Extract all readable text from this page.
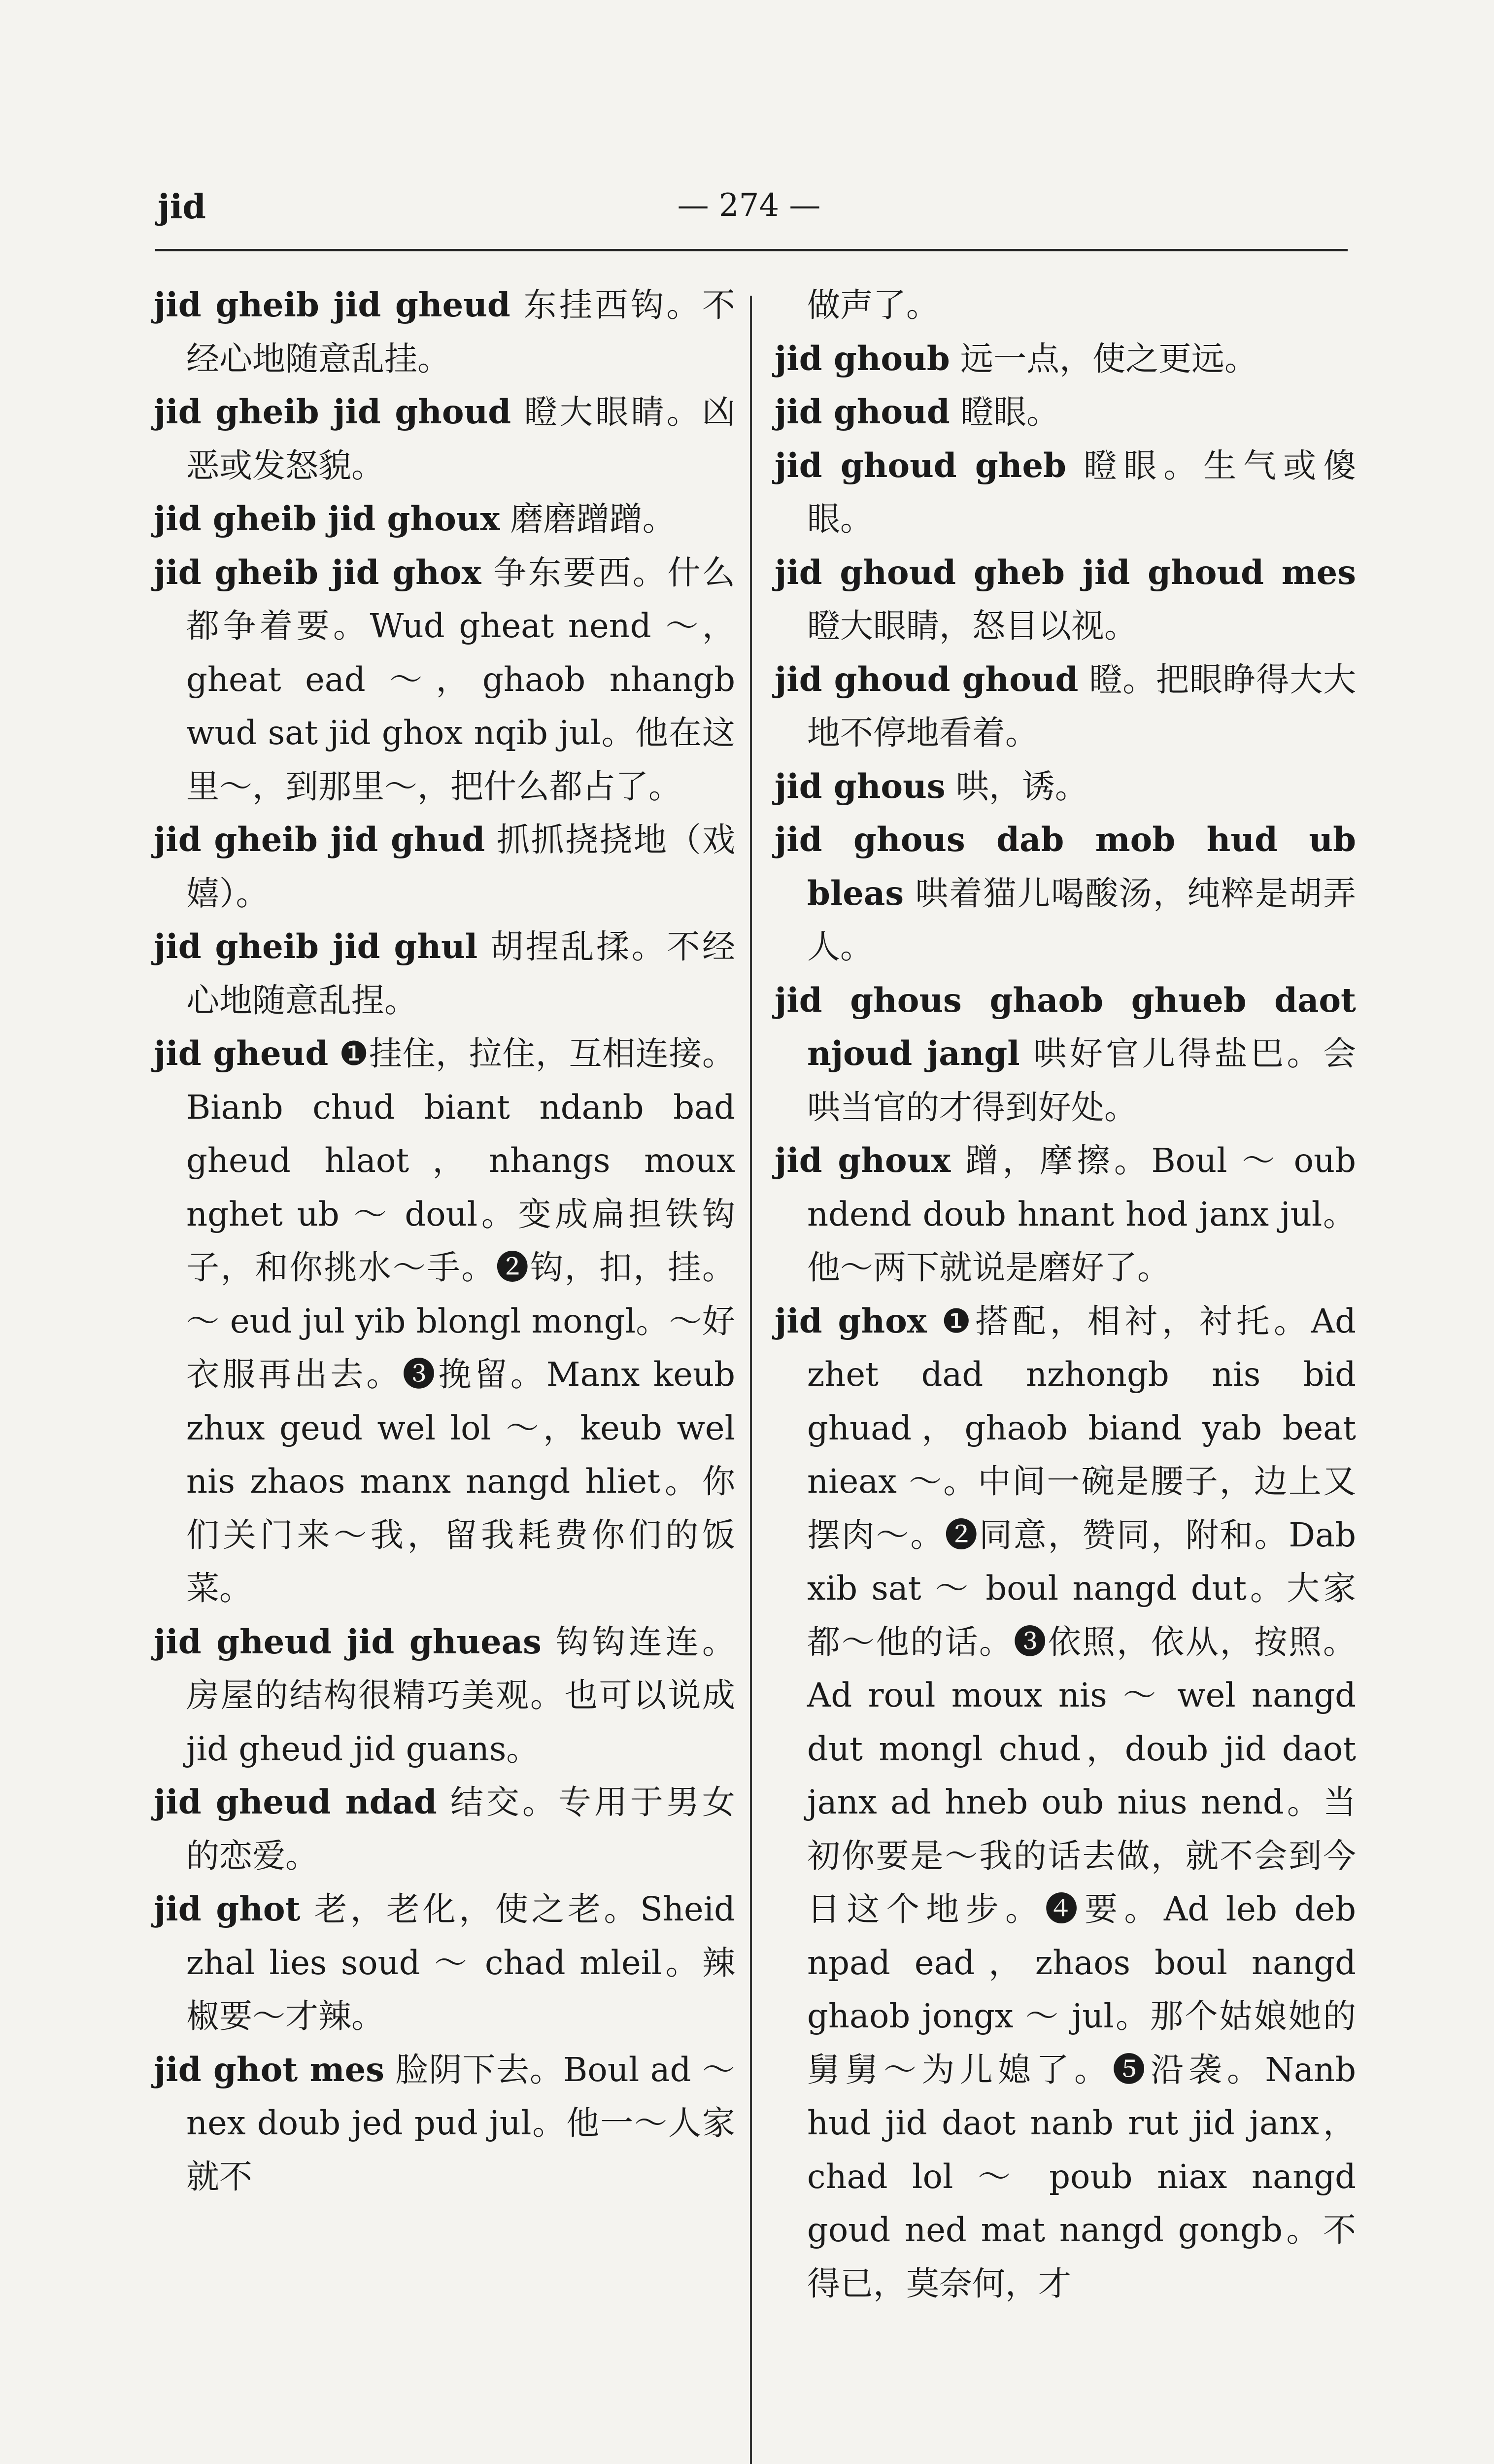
jid	— 274 —

jid gheib jid gheud 东挂西钩。不经心地随意乱挂。

jid gheib jid ghoud 瞪大眼睛。凶恶或发怒貌。

jid gheib jid ghoux 磨磨蹭蹭。

jid gheib jid ghox 争东要西。什么都争着要。Wud gheat nend ～，gheat ead ～，ghaob nhangb wud sat jid ghox nqib jul。他在这里～，到那里～，把什么都占了。

jid gheib jid ghud 抓抓挠挠地（戏嬉）。

jid gheib jid ghul 胡捏乱揉。不经心地随意乱捏。

jid gheud ❶挂住，拉住，互相连接。Bianb chud biant ndanb bad gheud hlaot，nhangs moux nghet ub ～ doul。变成扁担铁钩子，和你挑水～手。❷钩，扣，挂。～ eud jul yib blongl mongl。～好衣服再出去。❸挽留。Manx keub zhux geud wel lol ～，keub wel nis zhaos manx nangd hliet。你们关门来～我，留我耗费你们的饭菜。

jid gheud jid ghueas 钩钩连连。房屋的结构很精巧美观。也可以说成 jid gheud jid guans。

jid gheud ndad 结交。专用于男女的恋爱。

jid ghot 老，老化，使之老。Sheid zhal lies soud ～ chad mleil。辣椒要～才辣。

jid ghot mes 脸阴下去。Boul ad ～ nex doub jed pud jul。他一～人家就不

做声了。

jid ghoub 远一点，使之更远。

jid ghoud 瞪眼。

jid ghoud gheb 瞪眼。生气或傻眼。

jid ghoud gheb jid ghoud mes 瞪大眼睛，怒目以视。

jid ghoud ghoud 瞪。把眼睁得大大地不停地看着。

jid ghous 哄，诱。

jid ghous dab mob hud ub bleas 哄着猫儿喝酸汤，纯粹是胡弄人。

jid ghous ghaob ghueb daot njoud jangl 哄好官儿得盐巴。会哄当官的才得到好处。

jid ghoux 蹭，摩擦。Boul ～ oub ndend doub hnant hod janx jul。他～两下就说是磨好了。

jid ghox ❶搭配，相衬，衬托。Ad zhet dad nzhongb nis bid ghuad，ghaob biand yab beat nieax ～。中间一碗是腰子，边上又摆肉～。❷同意，赞同，附和。Dab xib sat ～ boul nangd dut。大家都～他的话。❸依照，依从，按照。Ad roul moux nis ～ wel nangd dut mongl chud，doub jid daot janx ad hneb oub nius nend。当初你要是～我的话去做，就不会到今日这个地步。❹要。Ad leb deb npad ead，zhaos boul nangd ghaob jongx ～ jul。那个姑娘她的舅舅～为儿媳了。❺沿袭。Nanb hud jid daot nanb rut jid janx，chad lol ～ poub niax nangd goud ned mat nangd gongb。不得已，莫奈何，才
